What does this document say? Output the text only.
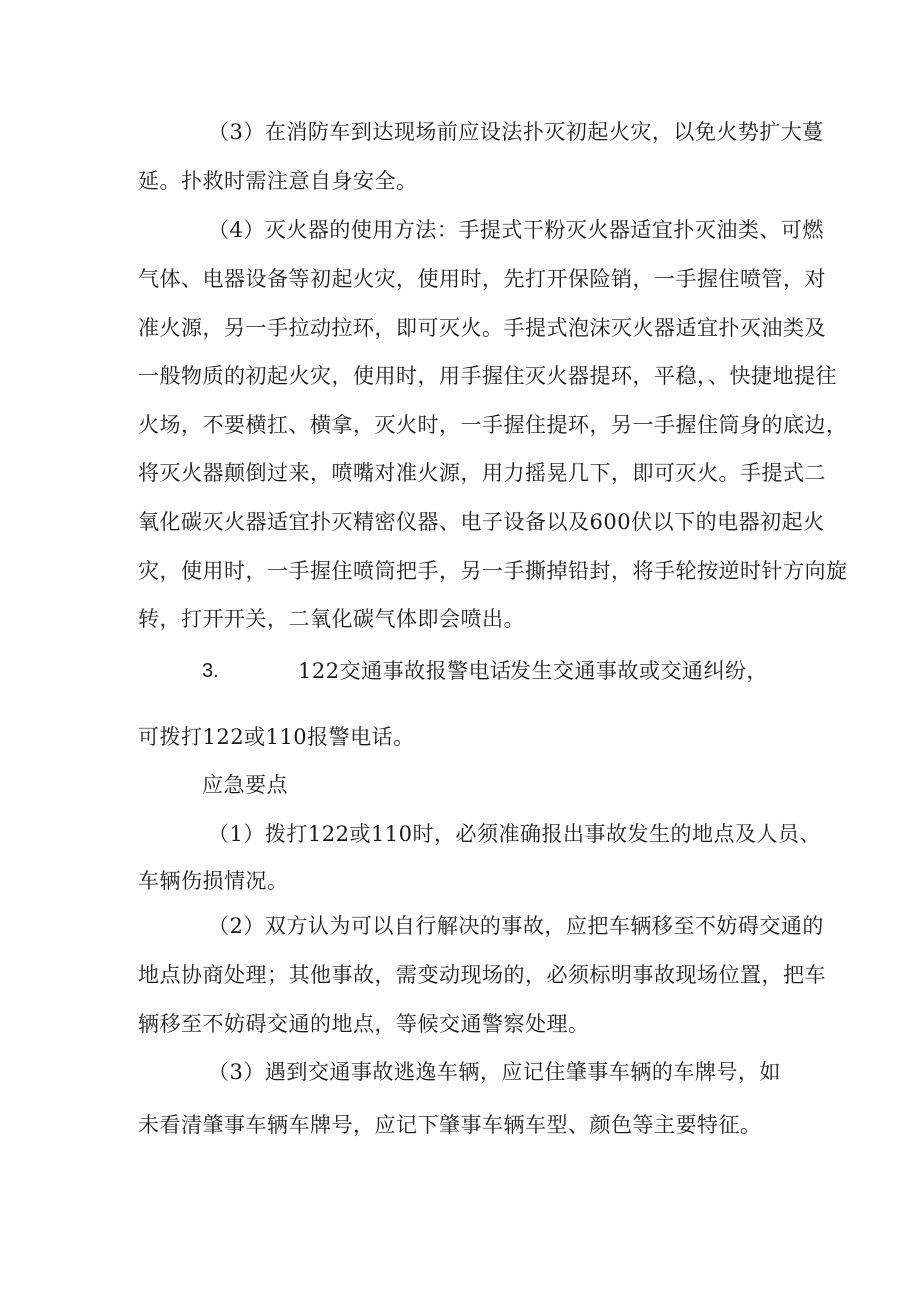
（3）在消防车到达现场前应设法扑灭初起火灾，以免火势扩大蔓
延。扑救时需注意自身安全。
（4）灭火器的使用方法：手提式干粉灭火器适宜扑灭油类、可燃
气体、电器设备等初起火灾，使用时，先打开保险销，一手握住喷管，对
准火源，另一手拉动拉环，即可灭火。手提式泡沫灭火器适宜扑灭油类及
一般物质的初起火灾，使用时，用手握住灭火器提环，平稳，、快捷地提往
火场，不要横扛、横拿，灭火时，一手握住提环，另一手握住筒身的底边，
将灭火器颠倒过来，喷嘴对准火源，用力摇晃几下，即可灭火。手提式二
氧化碳灭火器适宜扑灭精密仪器、电子设备以及600伏以下的电器初起火
灾，使用时，一手握住喷筒把手，另一手撕掉铅封，将手轮按逆时针方向旋
转，打开开关，二氧化碳气体即会喷出。
3.	122交通事故报警电话
发生交通事故或交通纠纷，
可拨打122或110报警电话。
应急要点
（1）拨打122或110时，必须准确报出事故发生的地点及人员、
车辆伤损情况。
（2）双方认为可以自行解决的事故，应把车辆移至不妨碍交通的
地点协商处理；其他事故，需变动现场的，必须标明事故现场位置，把车
辆移至不妨碍交通的地点，等候交通警察处理。
（3）遇到交通事故逃逸车辆，应记住肇事车辆的车牌号，如
未看清肇事车辆车牌号，应记下肇事车辆车型、颜色等主要特征。
